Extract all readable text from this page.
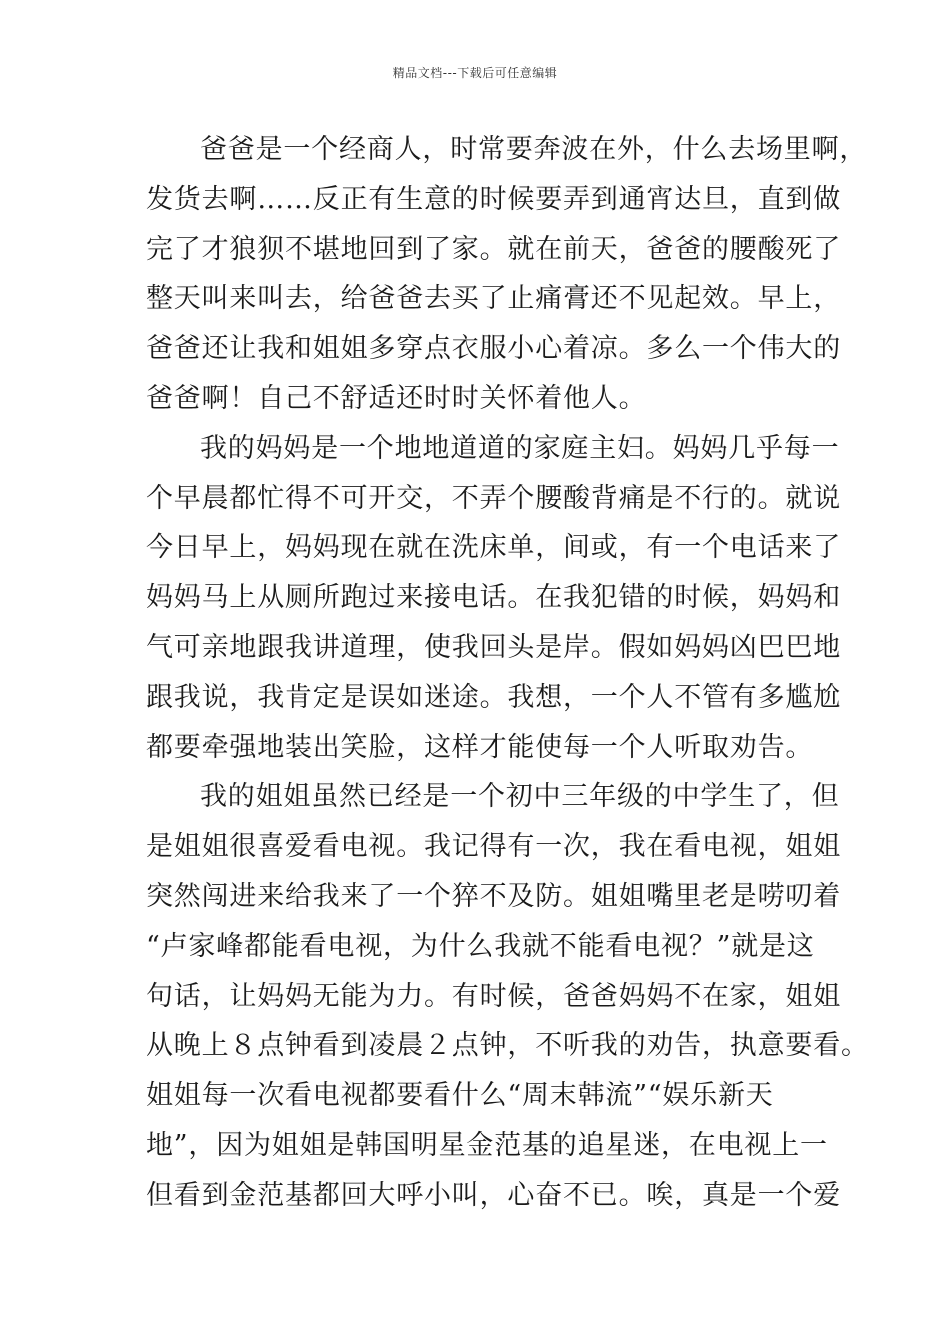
精品文档---下载后可任意编辑
爸爸是一个经商人，时常要奔波在外，什么去场里啊，
发货去啊……反正有生意的时候要弄到通宵达旦，直到做
完了才狼狈不堪地回到了家。就在前天，爸爸的腰酸死了
整天叫来叫去，给爸爸去买了止痛膏还不见起效。早上，
爸爸还让我和姐姐多穿点衣服小心着凉。多么一个伟大的
爸爸啊！自己不舒适还时时关怀着他人。
我的妈妈是一个地地道道的家庭主妇。妈妈几乎每一
个早晨都忙得不可开交，不弄个腰酸背痛是不行的。就说
今日早上，妈妈现在就在洗床单，间或，有一个电话来了
妈妈马上从厕所跑过来接电话。在我犯错的时候，妈妈和
气可亲地跟我讲道理，使我回头是岸。假如妈妈凶巴巴地
跟我说，我肯定是误如迷途。我想，一个人不管有多尴尬
都要牵强地装出笑脸，这样才能使每一个人听取劝告。
我的姐姐虽然已经是一个初中三年级的中学生了，但
是姐姐很喜爱看电视。我记得有一次，我在看电视，姐姐
突然闯进来给我来了一个猝不及防。姐姐嘴里老是唠叨着
“卢家峰都能看电视，为什么我就不能看电视？”就是这
句话，让妈妈无能为力。有时候，爸爸妈妈不在家，姐姐
从晚上８点钟看到凌晨２点钟，不听我的劝告，执意要看。
姐姐每一次看电视都要看什么“周末韩流”“娱乐新天
地”，因为姐姐是韩国明星金范基的追星迷，在电视上一
但看到金范基都回大呼小叫，心奋不已。唉，真是一个爱
